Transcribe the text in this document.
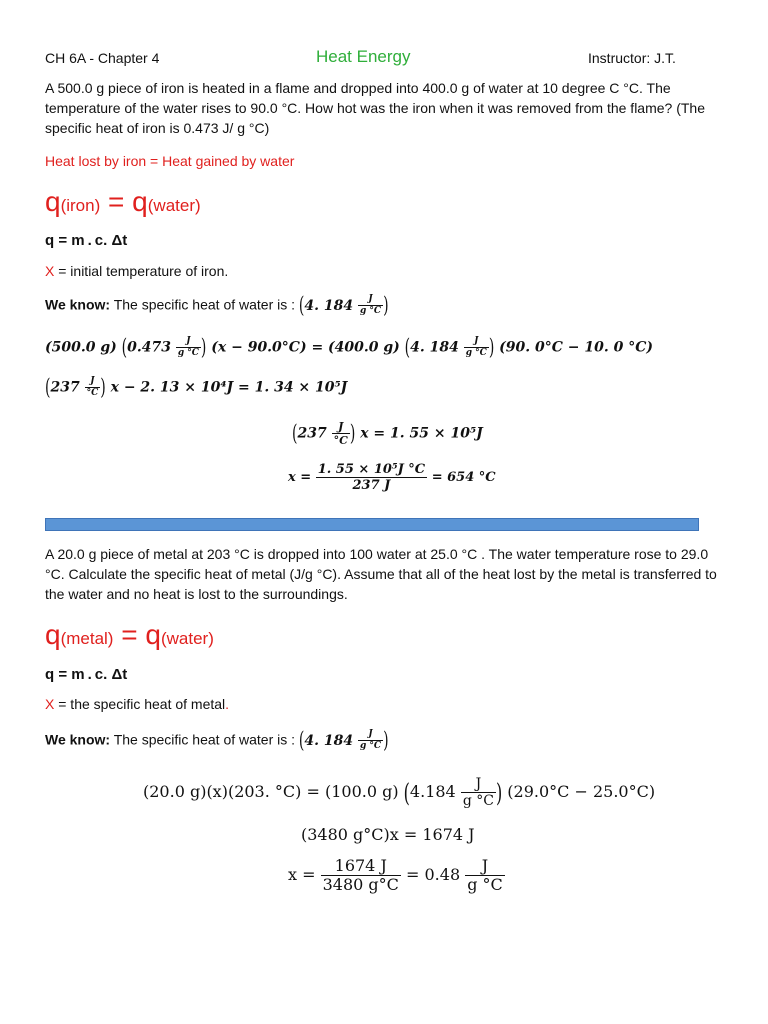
CH 6A - Chapter 4	Heat Energy	Instructor: J.T.
A 500.0 g piece of iron is heated in a flame and dropped into 400.0 g of water at 10 degree C °C. The temperature of the water rises to 90.0 °C. How hot was the iron when it was removed from the flame? (The specific heat of iron is 0.473 J/ g °C)
Heat lost by iron = Heat gained by water
q(iron) = q(water)
q = m . c. Δt
X = initial temperature of iron.
We know: The specific heat of water is : (4. $184 \frac{J}{g ^\circ C}$ )
(500.0 g) ($0.473 \frac{J}{g ^\circ C}$ ) (x − 90.0°C) = (400.0 g) (4. $184 \frac{J}{g ^\circ C}$ ) (90. 0°C − 10. 0 °C)
($237 \frac{J}{^\circ C}$ ) x − 2. 13 × 10⁴J = 1. 34 × 10⁵J
($237 \frac{J}{^\circ C}$ ) x = 1. 55 × 10⁵J
$x = \frac{\text{1. 55 × 10⁵J °C}}{237 J} = 654$ °C
A 20.0 g piece of metal at 203 °C is dropped into 100 water at 25.0 °C . The water temperature rose to 29.0 °C. Calculate the specific heat of metal (J/g °C). Assume that all of the heat lost by the metal is transferred to the water and no heat is lost to the surroundings.
q(metal) = q(water)
q = m . c. Δt
X = the specific heat of metal.
We know: The specific heat of water is : (4. $184 \frac{J}{g ^\circ C}$ )
(20.0 g)(x)(203. °C) = (100.0 g) ($4.184 \frac{J}{g ^\circ C}$ ) (29.0°C − 25.0°C)
(3480 g°C)x = 1674 J
$x = \frac{1674 J}{3480 g^\circ C} = 0.48 \frac{J}{g ^\circ C}$
